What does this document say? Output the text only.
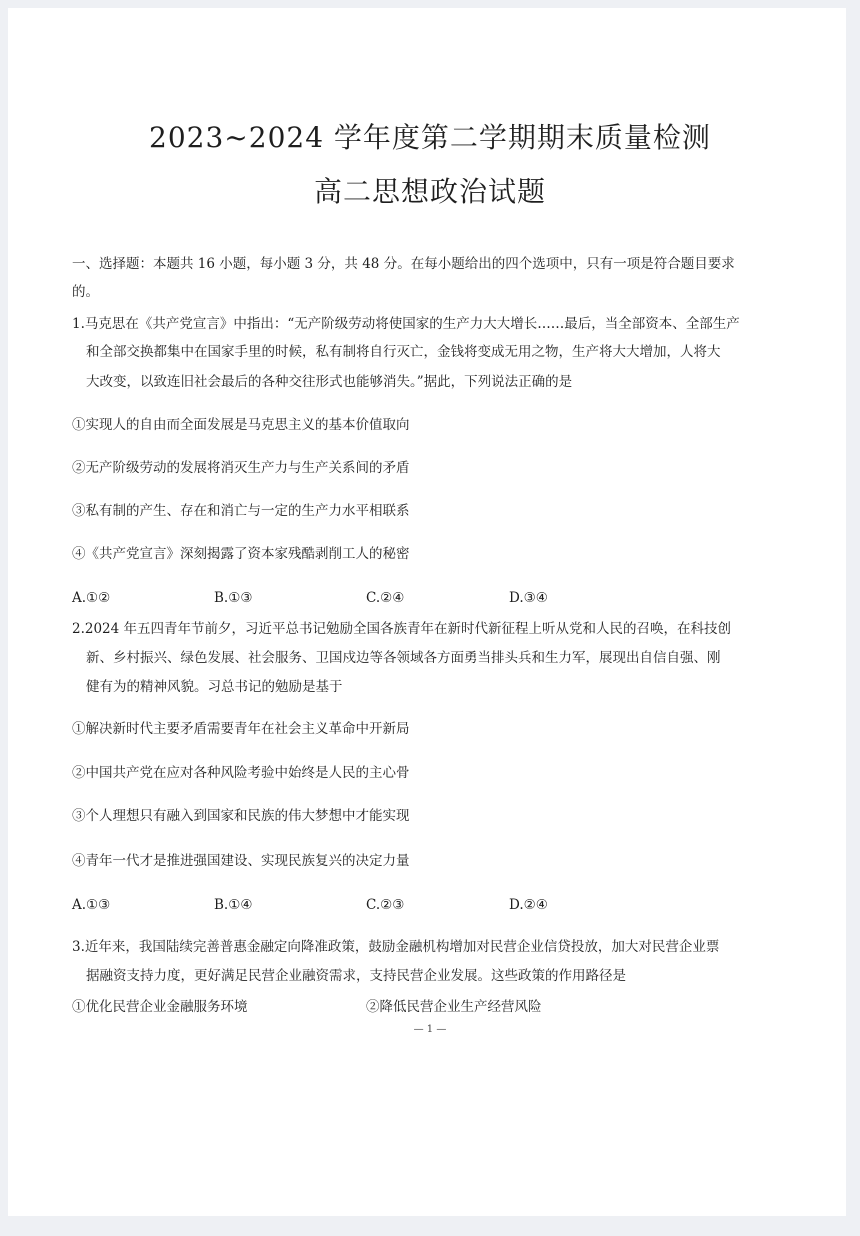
2023~2024 学年度第二学期期末质量检测
高二思想政治试题

一、选择题：本题共 16 小题，每小题 3 分，共 48 分。在每小题给出的四个选项中，只有一项是符合题目要求

的。

1.马克思在《共产党宣言》中指出：“无产阶级劳动将使国家的生产力大大增长……最后，当全部资本、全部生产

和全部交换都集中在国家手里的时候，私有制将自行灭亡，金钱将变成无用之物，生产将大大增加，人将大

大改变，以致连旧社会最后的各种交往形式也能够消失。”据此，下列说法正确的是

①实现人的自由而全面发展是马克思主义的基本价值取向

②无产阶级劳动的发展将消灭生产力与生产关系间的矛盾

③私有制的产生、存在和消亡与一定的生产力水平相联系

④《共产党宣言》深刻揭露了资本家残酷剥削工人的秘密

A.①②	B.①③	C.②④	D.③④

2.2024 年五四青年节前夕，习近平总书记勉励全国各族青年在新时代新征程上听从党和人民的召唤，在科技创

新、乡村振兴、绿色发展、社会服务、卫国戍边等各领域各方面勇当排头兵和生力军，展现出自信自强、刚

健有为的精神风貌。习总书记的勉励是基于

①解决新时代主要矛盾需要青年在社会主义革命中开新局

②中国共产党在应对各种风险考验中始终是人民的主心骨

③个人理想只有融入到国家和民族的伟大梦想中才能实现

④青年一代才是推进强国建设、实现民族复兴的决定力量

A.①③	B.①④	C.②③	D.②④

3.近年来，我国陆续完善普惠金融定向降准政策，鼓励金融机构增加对民营企业信贷投放，加大对民营企业票

据融资支持力度，更好满足民营企业融资需求，支持民营企业发展。这些政策的作用路径是

①优化民营企业金融服务环境	②降低民营企业生产经营风险
— 1 —
